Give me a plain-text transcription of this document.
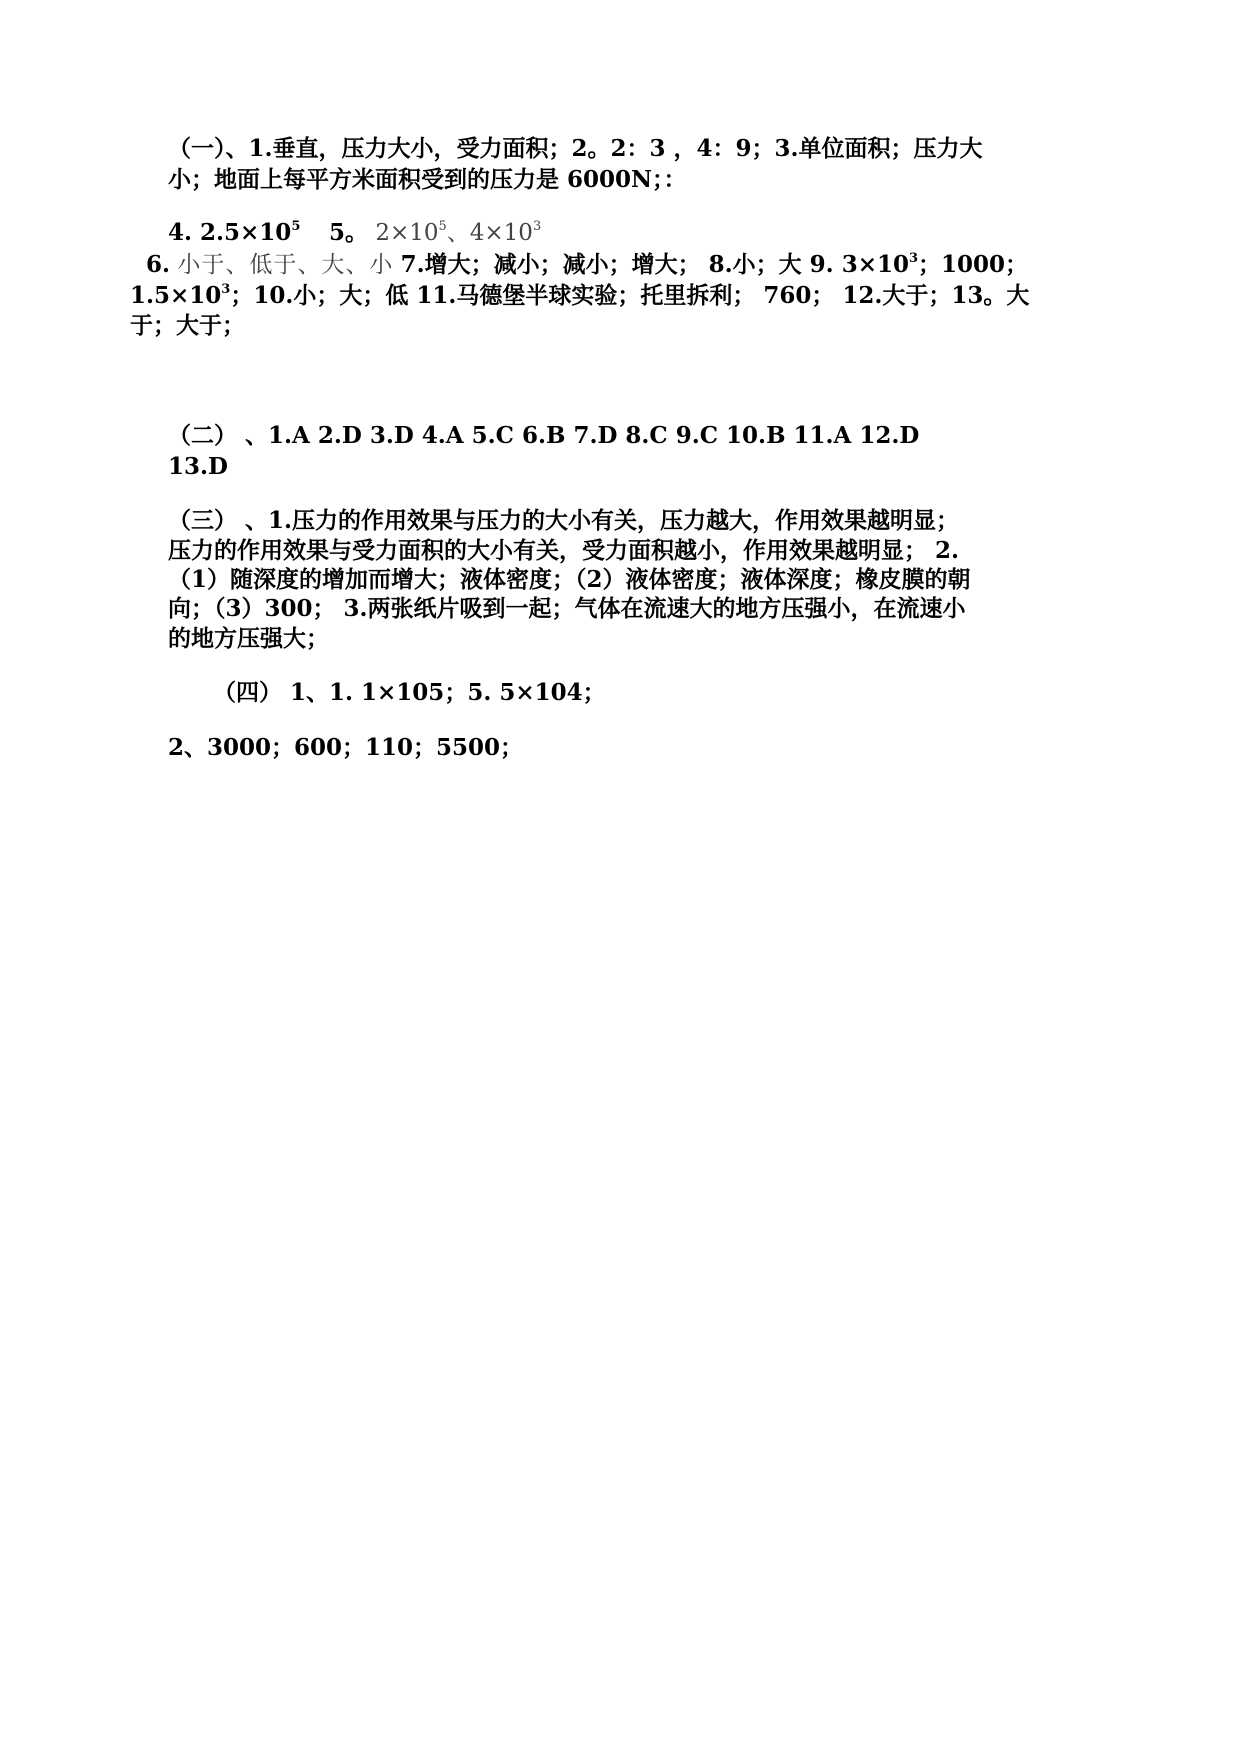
（一）、1.垂直，压力大小，受力面积；2。2：3 ，4：9；3.单位面积；压力大
小；地面上每平方米面积受到的压力是 6000N；：
4. $2.5\times 10^5$ 5。 $2\times 10^5$、$4\times 10^3$
6. 小于、低于、大、小 7.增大；减小；减小；增大； 8.小；大 9. $3\times 10^3$；1000；
$1.5\times 10^3$；10.小；大；低 11.马德堡半球实验；托里拆利； 760； 12.大于；13。大
于；大于；
（二） 、1.A 2.D 3.D 4.A 5.C 6.B 7.D 8.C 9.C 10.B 11.A 12.D
13.D
（三） 、1.压力的作用效果与压力的大小有关，压力越大，作用效果越明显；
压力的作用效果与受力面积的大小有关，受力面积越小，作用效果越明显； 2.
（1）随深度的增加而增大；液体密度；（2）液体密度；液体深度；橡皮膜的朝
向；（3）300； 3.两张纸片吸到一起；气体在流速大的地方压强小，在流速小
的地方压强大；
（四） 1、1. 1×105；5. 5×104；
2、3000；600；110；5500；
